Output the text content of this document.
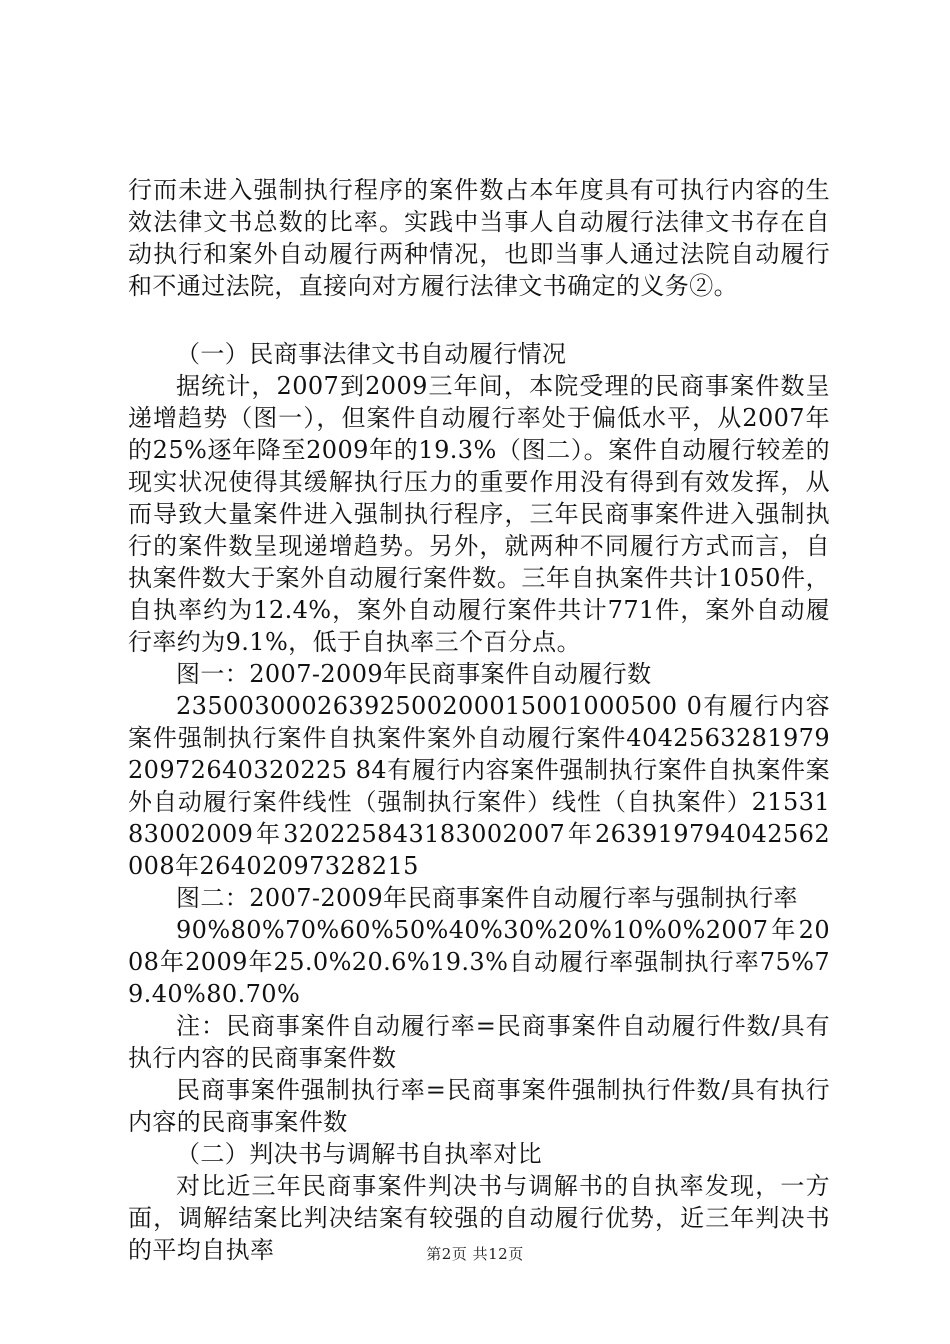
行而未进入强制执行程序的案件数占本年度具有可执行内容的生效法律文书总数的比率。实践中当事人自动履行法律文书存在自动执行和案外自动履行两种情况，也即当事人通过法院自动履行和不通过法院，直接向对方履行法律文书确定的义务②。

（一）民商事法律文书自动履行情况

据统计，2007到2009三年间，本院受理的民商事案件数呈递增趋势（图一），但案件自动履行率处于偏低水平，从2007年的25%逐年降至2009年的19.3%（图二）。案件自动履行较差的现实状况使得其缓解执行压力的重要作用没有得到有效发挥，从而导致大量案件进入强制执行程序，三年民商事案件进入强制执行的案件数呈现递增趋势。另外，就两种不同履行方式而言，自执案件数大于案外自动履行案件数。三年自执案件共计1050件，自执率约为12.4%，案外自动履行案件共计771件，案外自动履行率约为9.1%，低于自执率三个百分点。

图一：2007-2009年民商事案件自动履行数

23500300026392500200015001000500 0有履行内容案件强制执行案件自执案件案外自动履行案件404256328197920972640320225 84有履行内容案件强制执行案件自执案件案外自动履行案件线性（强制执行案件）线性（自执案件）2153183002009年320225843183002007年263919794042562008年26402097328215

图二：2007-2009年民商事案件自动履行率与强制执行率

90%80%70%60%50%40%30%20%10%0%2007年2008年2009年25.0%20.6%19.3%自动履行率强制执行率75%79.40%80.70%

注：民商事案件自动履行率=民商事案件自动履行件数/具有执行内容的民商事案件数

民商事案件强制执行率=民商事案件强制执行件数/具有执行内容的民商事案件数

（二）判决书与调解书自执率对比

对比近三年民商事案件判决书与调解书的自执率发现，一方面，调解结案比判决结案有较强的自动履行优势，近三年判决书的平均自执率	第2页 共12页
